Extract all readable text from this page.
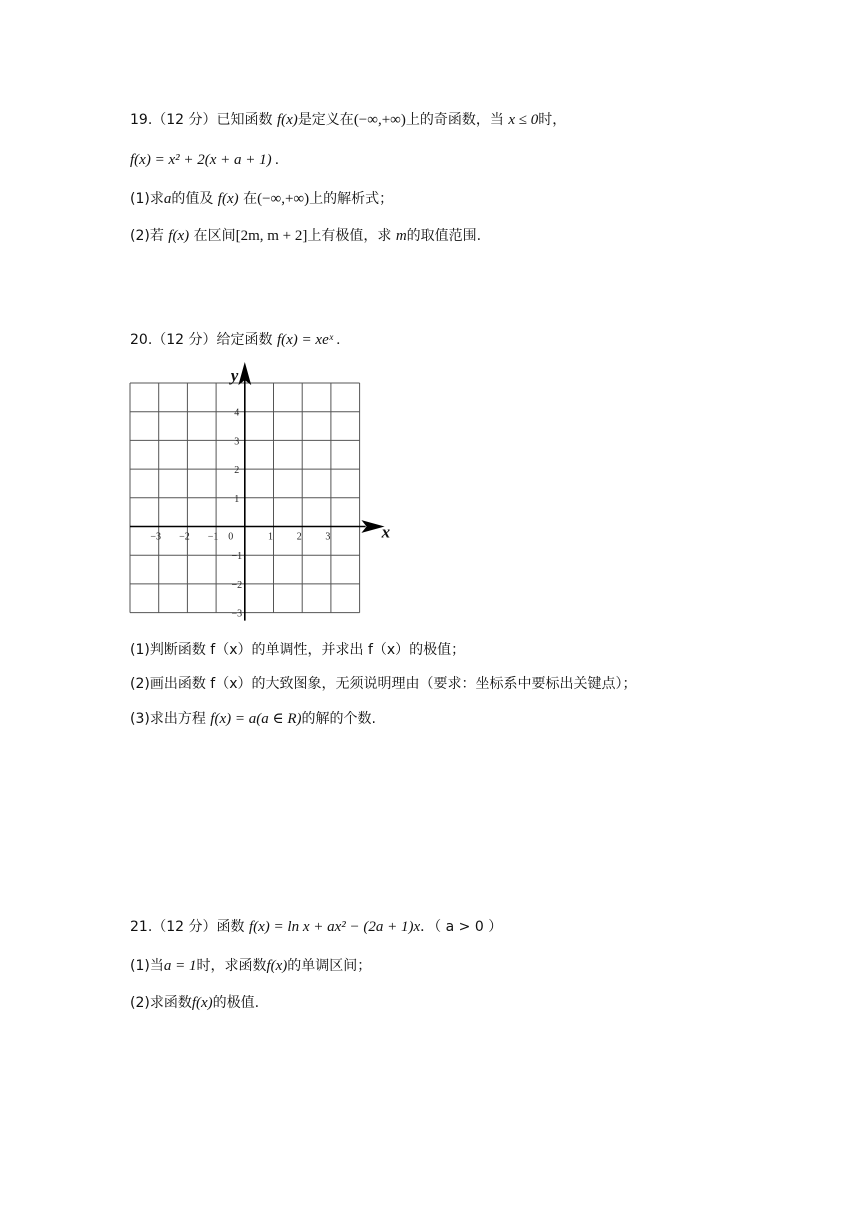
19.（12 分）已知函数 f(x)是定义在(−∞,+∞)上的奇函数，当 x ≤ 0时，
f(x) = x² + 2(x + a + 1) .
(1)求a的值及 f(x) 在(−∞,+∞)上的解析式；
(2)若 f(x) 在区间[2m, m + 2]上有极值，求 m的取值范围.
20.（12 分）给定函数 f(x) = xeˣ .
x
y
−3 −2 −1 0	1 2 3
4
3
2
1
−1
−2
−3
(1)判断函数 f（x）的单调性，并求出 f（x）的极值；
(2)画出函数 f（x）的大致图象，无须说明理由（要求：坐标系中要标出关键点）；
(3)求出方程 f(x) = a(a ∈ R)的解的个数.
21.（12 分）函数 f(x) = ln x + ax² − (2a + 1)x．（ a > 0 ）
(1)当a = 1时，求函数f(x)的单调区间；
(2)求函数f(x)的极值.
